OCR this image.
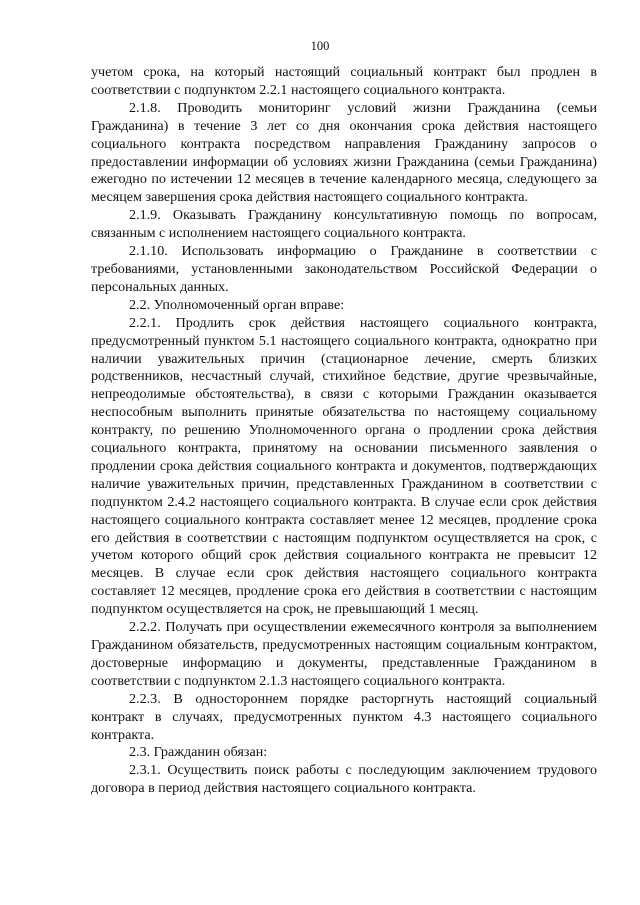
100

учетом срока, на который настоящий социальный контракт был продлен в соответствии с подпунктом 2.2.1 настоящего социального контракта.

2.1.8. Проводить мониторинг условий жизни Гражданина (семьи Гражданина) в течение 3 лет со дня окончания срока действия настоящего социального контракта посредством направления Гражданину запросов о предоставлении информации об условиях жизни Гражданина (семьи Гражданина) ежегодно по истечении 12 месяцев в течение календарного месяца, следующего за месяцем завершения срока действия настоящего социального контракта.

2.1.9. Оказывать Гражданину консультативную помощь по вопросам, связанным с исполнением настоящего социального контракта.

2.1.10. Использовать информацию о Гражданине в соответствии с требованиями, установленными законодательством Российской Федерации о персональных данных.

2.2. Уполномоченный орган вправе:

2.2.1. Продлить срок действия настоящего социального контракта, предусмотренный пунктом 5.1 настоящего социального контракта, однократно при наличии уважительных причин (стационарное лечение, смерть близких родственников, несчастный случай, стихийное бедствие, другие чрезвычайные, непреодолимые обстоятельства), в связи с которыми Гражданин оказывается неспособным выполнить принятые обязательства по настоящему социальному контракту, по решению Уполномоченного органа о продлении срока действия социального контракта, принятому на основании письменного заявления о продлении срока действия социального контракта и документов, подтверждающих наличие уважительных причин, представленных Гражданином в соответствии с подпунктом 2.4.2 настоящего социального контракта. В случае если срок действия настоящего социального контракта составляет менее 12 месяцев, продление срока его действия в соответствии с настоящим подпунктом осуществляется на срок, с учетом которого общий срок действия социального контракта не превысит 12 месяцев. В случае если срок действия настоящего социального контракта составляет 12 месяцев, продление срока его действия в соответствии с настоящим подпунктом осуществляется на срок, не превышающий 1 месяц.

2.2.2. Получать при осуществлении ежемесячного контроля за выполнением Гражданином обязательств, предусмотренных настоящим социальным контрактом, достоверные информацию и документы, представленные Гражданином в соответствии с подпунктом 2.1.3 настоящего социального контракта.

2.2.3. В одностороннем порядке расторгнуть настоящий социальный контракт в случаях, предусмотренных пунктом 4.3 настоящего социального контракта.

2.3. Гражданин обязан:

2.3.1. Осуществить поиск работы с последующим заключением трудового договора в период действия настоящего социального контракта.
